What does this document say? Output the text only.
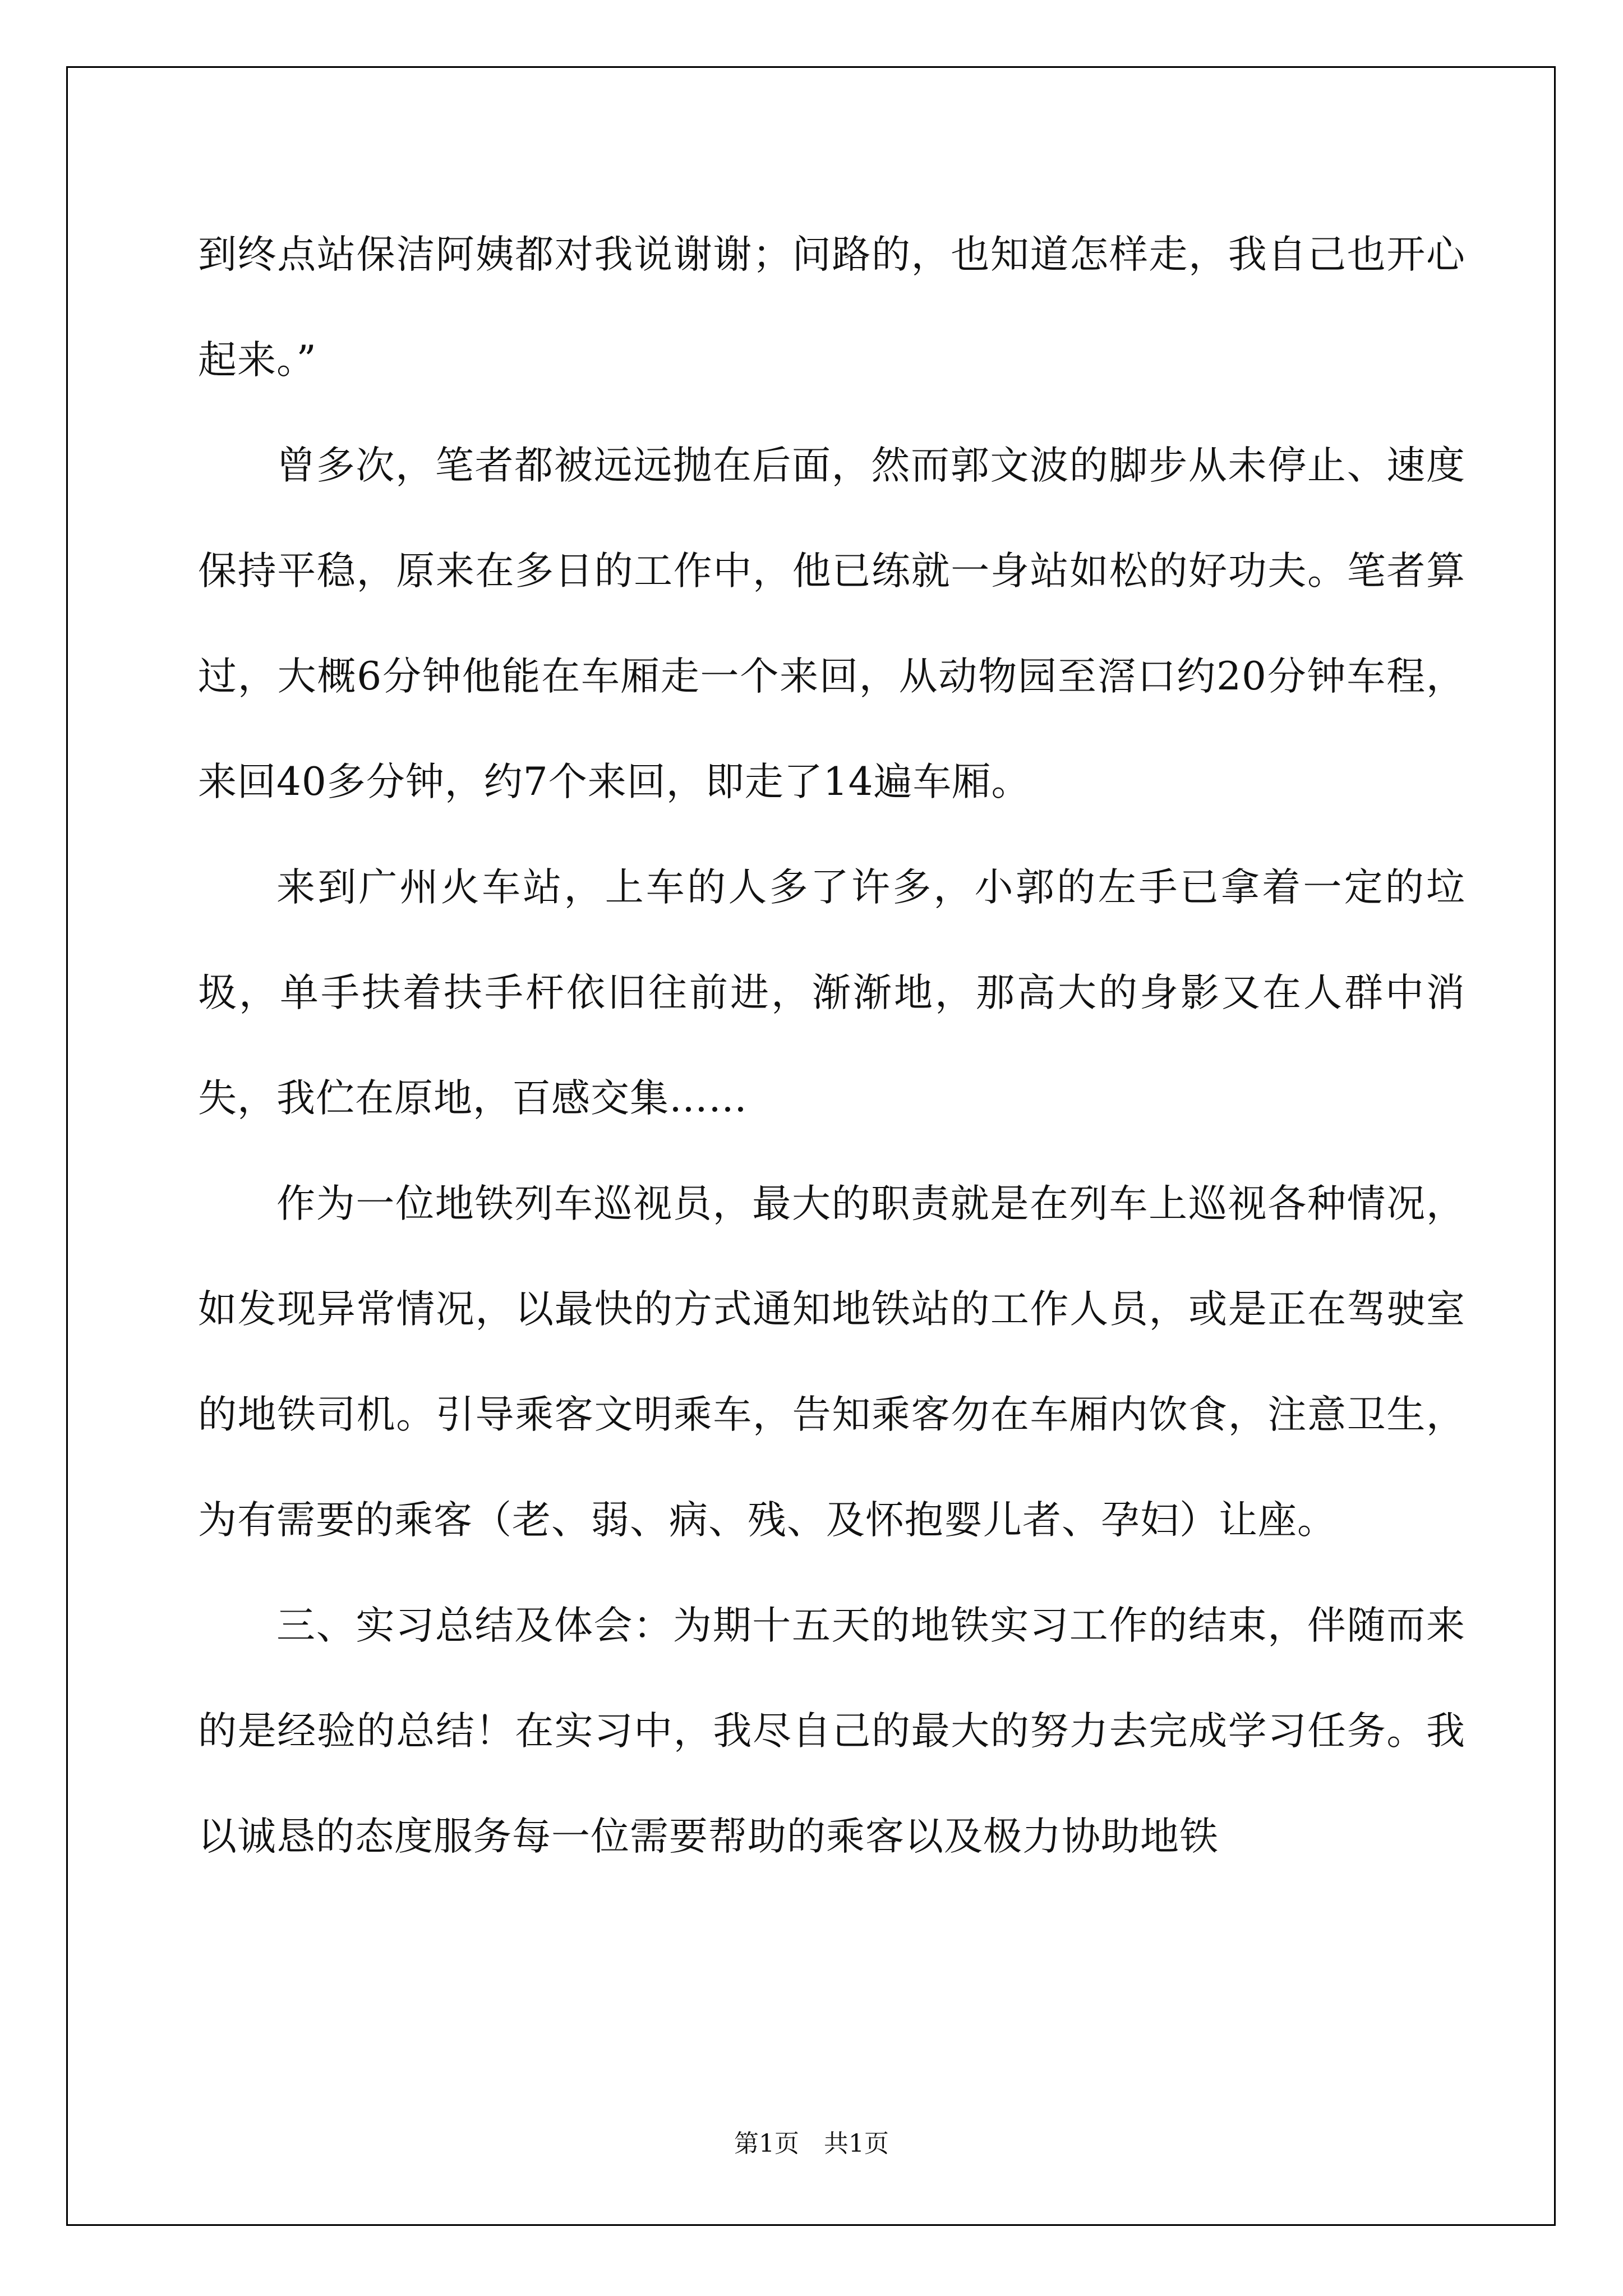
到终点站保洁阿姨都对我说谢谢；问路的，也知道怎样走，我自己也开心起来。”

曾多次，笔者都被远远抛在后面，然而郭文波的脚步从未停止、速度保持平稳，原来在多日的工作中，他已练就一身站如松的好功夫。笔者算过，大概6分钟他能在车厢走一个来回，从动物园至滘口约20分钟车程，来回40多分钟，约7个来回，即走了14遍车厢。

来到广州火车站，上车的人多了许多，小郭的左手已拿着一定的垃圾，单手扶着扶手杆依旧往前进，渐渐地，那高大的身影又在人群中消失，我伫在原地，百感交集……

作为一位地铁列车巡视员，最大的职责就是在列车上巡视各种情况，如发现异常情况，以最快的方式通知地铁站的工作人员，或是正在驾驶室的地铁司机。引导乘客文明乘车，告知乘客勿在车厢内饮食，注意卫生，为有需要的乘客（老、弱、病、残、及怀抱婴儿者、孕妇）让座。

三、实习总结及体会：为期十五天的地铁实习工作的结束，伴随而来的是经验的总结！在实习中，我尽自己的最大的努力去完成学习任务。我以诚恳的态度服务每一位需要帮助的乘客以及极力协助地铁

第1页 共1页
